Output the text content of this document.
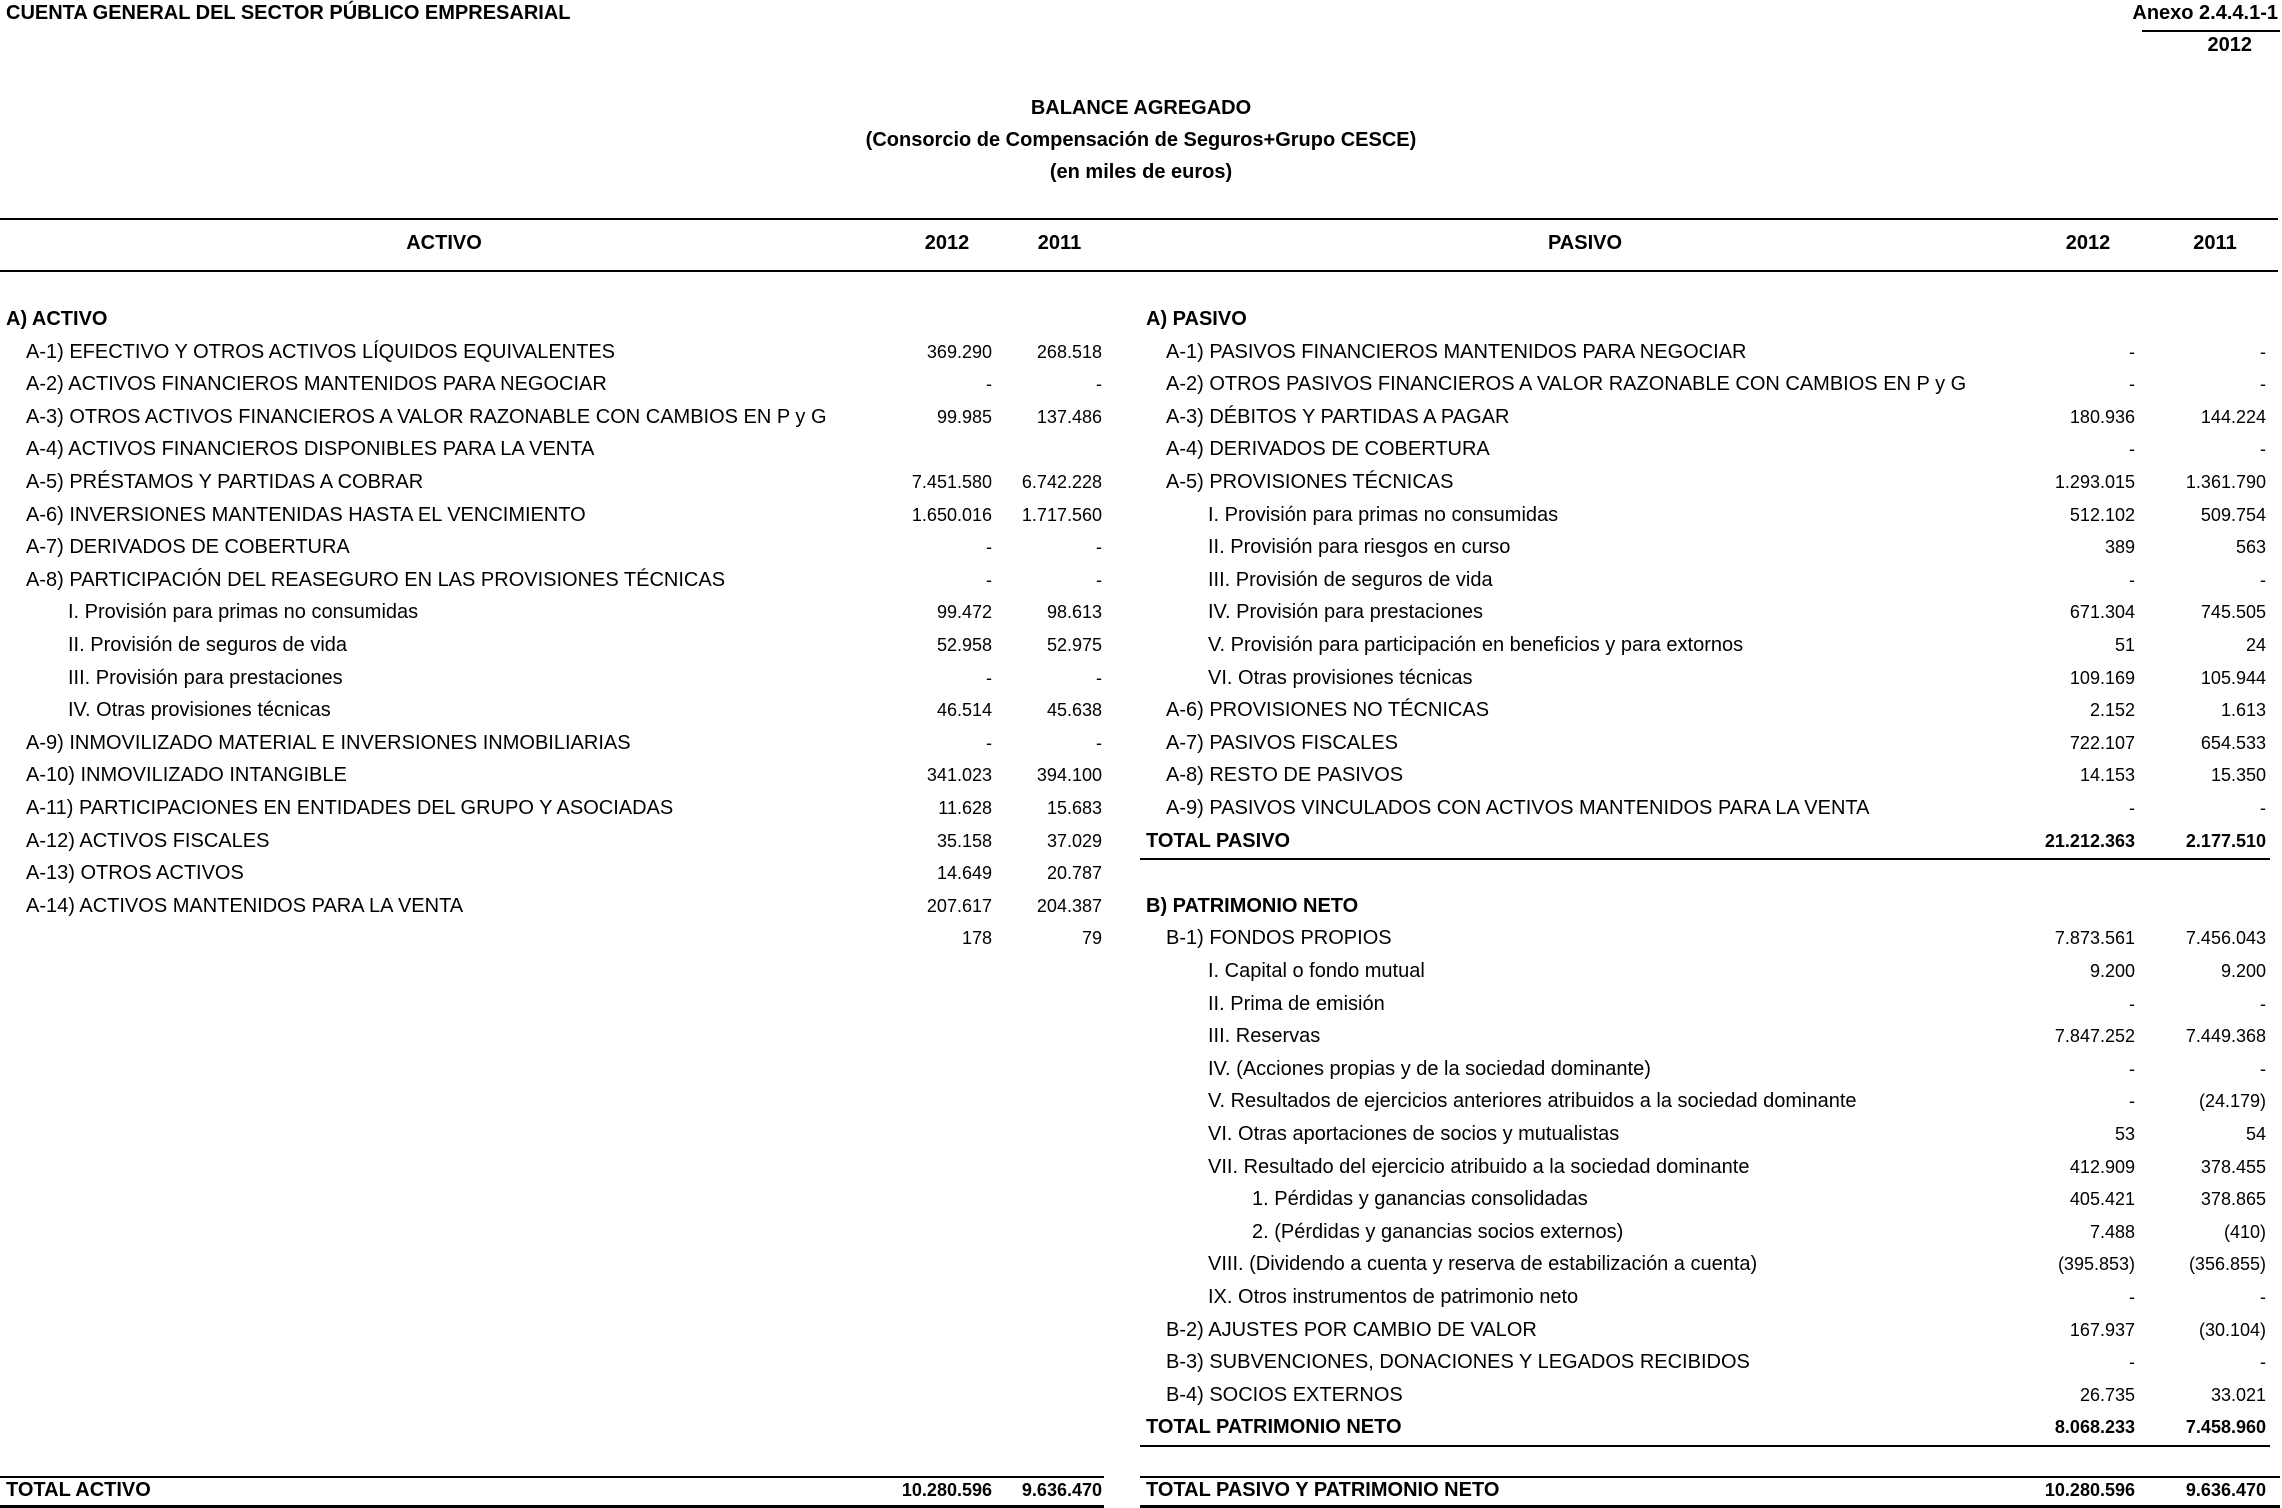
CUENTA GENERAL DEL SECTOR PÚBLICO EMPRESARIAL	Anexo 2.4.4.1-1
2012
BALANCE AGREGADO
(Consorcio de Compensación de Seguros+Grupo CESCE)
(en miles de euros)
ACTIVO	2012	2011	PASIVO	2012	2011
A) ACTIVO
A-1) EFECTIVO Y OTROS ACTIVOS LÍQUIDOS EQUIVALENTES	369.290 268.518
A-2) ACTIVOS FINANCIEROS MANTENIDOS PARA NEGOCIAR	-	-
A-3) OTROS ACTIVOS FINANCIEROS A VALOR RAZONABLE CON CAMBIOS EN P y G	99.985 137.486
A-4) ACTIVOS FINANCIEROS DISPONIBLES PARA LA VENTA
A-5) PRÉSTAMOS Y PARTIDAS A COBRAR	7.451.580 6.742.228
A-6) INVERSIONES MANTENIDAS HASTA EL VENCIMIENTO	1.650.016 1.717.560
A-7) DERIVADOS DE COBERTURA	-	-
A-8) PARTICIPACIÓN DEL REASEGURO EN LAS PROVISIONES TÉCNICAS	-	-
I. Provisión para primas no consumidas	99.472	98.613
II. Provisión de seguros de vida	52.958	52.975
III. Provisión para prestaciones	-	-
IV. Otras provisiones técnicas	46.514	45.638
A-9) INMOVILIZADO MATERIAL E INVERSIONES INMOBILIARIAS	-	-
A-10) INMOVILIZADO INTANGIBLE	341.023 394.100
A-11) PARTICIPACIONES EN ENTIDADES DEL GRUPO Y ASOCIADAS	11.628	15.683
A-12) ACTIVOS FISCALES	35.158	37.029
A-13) OTROS ACTIVOS	14.649	20.787
A-14) ACTIVOS MANTENIDOS PARA LA VENTA	207.617 204.387
178	79
A) PASIVO
A-1) PASIVOS FINANCIEROS MANTENIDOS PARA NEGOCIAR	-	-
A-2) OTROS PASIVOS FINANCIEROS A VALOR RAZONABLE CON CAMBIOS EN P y G	-	-
A-3) DÉBITOS Y PARTIDAS A PAGAR	180.936	144.224
A-4) DERIVADOS DE COBERTURA	-	-
A-5) PROVISIONES TÉCNICAS	1.293.015	1.361.790
I. Provisión para primas no consumidas	512.102	509.754
II. Provisión para riesgos en curso	389	563
III. Provisión de seguros de vida	-	-
IV. Provisión para prestaciones	671.304	745.505
V. Provisión para participación en beneficios y para extornos	51	24
VI. Otras provisiones técnicas	109.169	105.944
A-6) PROVISIONES NO TÉCNICAS	2.152	1.613
A-7) PASIVOS FISCALES	722.107	654.533
A-8) RESTO DE PASIVOS	14.153	15.350
A-9) PASIVOS VINCULADOS CON ACTIVOS MANTENIDOS PARA LA VENTA	-	-
TOTAL PASIVO	21.212.363	2.177.510
B) PATRIMONIO NETO
B-1) FONDOS PROPIOS	7.873.561	7.456.043
I. Capital o fondo mutual	9.200	9.200
II. Prima de emisión	-	-
III. Reservas	7.847.252	7.449.368
IV. (Acciones propias y de la sociedad dominante)	-	-
V. Resultados de ejercicios anteriores atribuidos a la sociedad dominante	-	(24.179)
VI. Otras aportaciones de socios y mutualistas	53	54
VII. Resultado del ejercicio atribuido a la sociedad dominante	412.909	378.455
1. Pérdidas y ganancias consolidadas	405.421	378.865
2. (Pérdidas y ganancias socios externos)	7.488	(410)
VIII. (Dividendo a cuenta y reserva de estabilización a cuenta)	(395.853)	(356.855)
IX. Otros instrumentos de patrimonio neto	-	-
B-2) AJUSTES POR CAMBIO DE VALOR	167.937	(30.104)
B-3) SUBVENCIONES, DONACIONES Y LEGADOS RECIBIDOS	-	-
B-4) SOCIOS EXTERNOS	26.735	33.021
TOTAL PATRIMONIO NETO	8.068.233	7.458.960
TOTAL ACTIVO	10.280.596 9.636.470 TOTAL PASIVO Y PATRIMONIO NETO	10.280.596	9.636.470
